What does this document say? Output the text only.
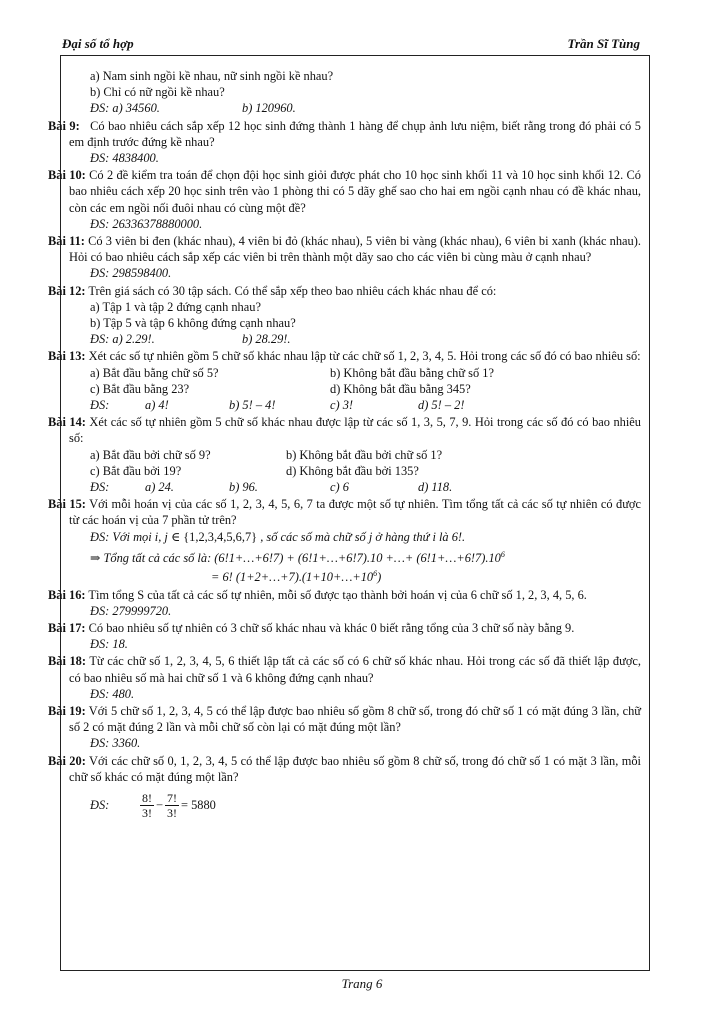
Đại số tổ hợp	Trần Sĩ Tùng
a) Nam sinh ngồi kề nhau, nữ sinh ngồi kề nhau?
b) Chỉ có nữ ngồi kề nhau?
ĐS: a) 34560.	b) 120960.
Bài 9: Có bao nhiêu cách sắp xếp 12 học sinh đứng thành 1 hàng để chụp ảnh lưu niệm, biết rằng trong đó phải có 5 em định trước đứng kề nhau?
ĐS: 4838400.
Bài 10: Có 2 đề kiểm tra toán để chọn đội học sinh giỏi được phát cho 10 học sinh khối 11 và 10 học sinh khối 12. Có bao nhiêu cách xếp 20 học sinh trên vào 1 phòng thi có 5 dãy ghế sao cho hai em ngồi cạnh nhau có đề khác nhau, còn các em ngồi nối đuôi nhau có cùng một đề?
ĐS: 26336378880000.
Bài 11: Có 3 viên bi đen (khác nhau), 4 viên bi đỏ (khác nhau), 5 viên bi vàng (khác nhau), 6 viên bi xanh (khác nhau). Hỏi có bao nhiêu cách sắp xếp các viên bi trên thành một dãy sao cho các viên bi cùng màu ở cạnh nhau?
ĐS: 298598400.
Bài 12: Trên giá sách có 30 tập sách. Có thể sắp xếp theo bao nhiêu cách khác nhau để có:
a) Tập 1 và tập 2 đứng cạnh nhau?
b) Tập 5 và tập 6 không đứng cạnh nhau?
ĐS: a) 2.29!.	b) 28.29!.
Bài 13: Xét các số tự nhiên gồm 5 chữ số khác nhau lập từ các chữ số 1, 2, 3, 4, 5. Hỏi trong các số đó có bao nhiêu số:
a) Bắt đầu bằng chữ số 5?	b) Không bắt đầu bằng chữ số 1?
c) Bắt đầu bằng 23?	d) Không bắt đầu bằng 345?
ĐS:	a) 4!	b) 5! – 4!	c) 3!	d) 5! – 2!
Bài 14: Xét các số tự nhiên gồm 5 chữ số khác nhau được lập từ các số 1, 3, 5, 7, 9. Hỏi trong các số đó có bao nhiêu số:
a) Bắt đầu bởi chữ số 9?	b) Không bắt đầu bởi chữ số 1?
c) Bắt đầu bởi 19?	d) Không bắt đầu bởi 135?
ĐS:	a) 24.	b) 96.	c) 6	d) 118.
Bài 15: Với mỗi hoán vị của các số 1, 2, 3, 4, 5, 6, 7 ta được một số tự nhiên. Tìm tổng tất cả các số tự nhiên có được từ các hoán vị của 7 phần tử trên?
ĐS: Với mọi i, j ∈ {1,2,3,4,5,6,7} , số các số mà chữ số j ở hàng thứ i là 6!.
⇒ Tổng tất cả các số là: (6!1+…+6!7) + (6!1+…+6!7).10 +…+ $(6!1+\dots+6!7).10^6$
= 6! $(1+2+\dots+7).(1+10+\dots+10^6)$
Bài 16: Tìm tổng S của tất cả các số tự nhiên, mỗi số được tạo thành bởi hoán vị của 6 chữ số 1, 2, 3, 4, 5, 6.
ĐS: 279999720.
Bài 17: Có bao nhiêu số tự nhiên có 3 chữ số khác nhau và khác 0 biết rằng tổng của 3 chữ số này bằng 9.
ĐS: 18.
Bài 18: Từ các chữ số 1, 2, 3, 4, 5, 6 thiết lập tất cả các số có 6 chữ số khác nhau. Hỏi trong các số đã thiết lập được, có bao nhiêu số mà hai chữ số 1 và 6 không đứng cạnh nhau?
ĐS: 480.
Bài 19: Với 5 chữ số 1, 2, 3, 4, 5 có thể lập được bao nhiêu số gồm 8 chữ số, trong đó chữ số 1 có mặt đúng 3 lần, chữ số 2 có mặt đúng 2 lần và mỗi chữ số còn lại có mặt đúng một lần?
ĐS: 3360.
Bài 20: Với các chữ số 0, 1, 2, 3, 4, 5 có thể lập được bao nhiêu số gồm 8 chữ số, trong đó chữ số 1 có mặt 3 lần, mỗi chữ số khác có mặt đúng một lần?
ĐS:	$\frac{8!}{3!} - \frac{7!}{3!} = 5880$
Trang 6
